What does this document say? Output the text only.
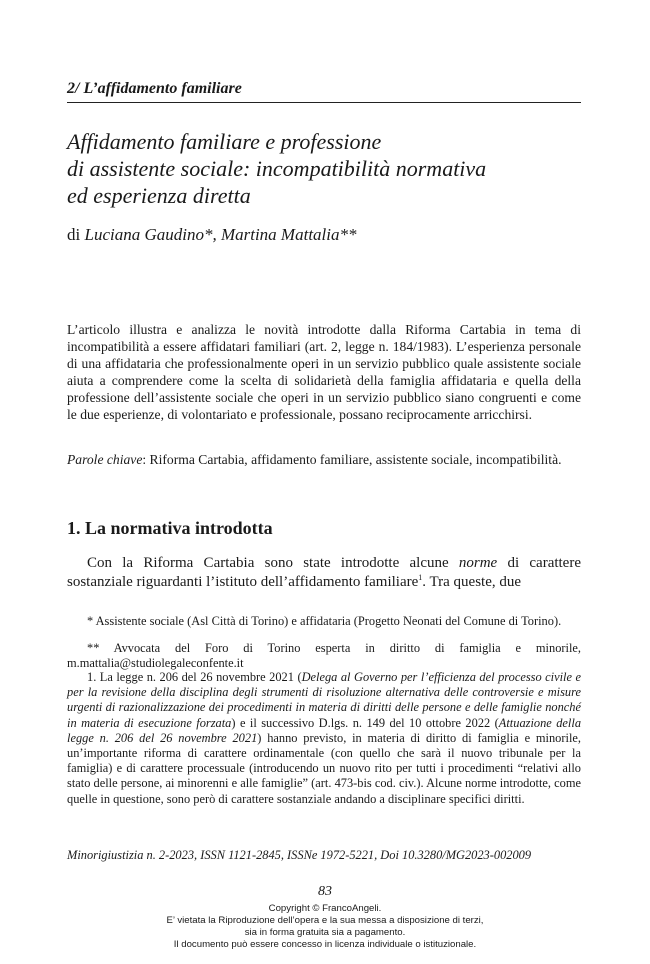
2/ L’affidamento familiare
Affidamento familiare e professione
di assistente sociale: incompatibilità normativa
ed esperienza diretta
di Luciana Gaudino*, Martina Mattalia**
L’articolo illustra e analizza le novità introdotte dalla Riforma Cartabia in tema di incompatibilità a essere affidatari familiari (art. 2, legge n. 184/1983). L’esperienza personale di una affidataria che professionalmente operi in un servizio pubblico quale assistente sociale aiuta a comprendere come la scelta di solidarietà della famiglia affidataria e quella della professione dell’assistente sociale che operi in un servizio pubblico siano congruenti e come le due esperienze, di volontariato e professionale, possano reciprocamente arricchirsi.
Parole chiave: Riforma Cartabia, affidamento familiare, assistente sociale, incompatibilità.
1. La normativa introdotta
Con la Riforma Cartabia sono state introdotte alcune norme di carattere sostanziale riguardanti l’istituto dell’affidamento familiare$^1$. Tra queste, due
* Assistente sociale (Asl Città di Torino) e affidataria (Progetto Neonati del Comune di Torino).
** Avvocata del Foro di Torino esperta in diritto di famiglia e minorile, m.mattalia@studiolegaleconfente.it
1. La legge n. 206 del 26 novembre 2021 (Delega al Governo per l’efficienza del processo civile e per la revisione della disciplina degli strumenti di risoluzione alternativa delle controversie e misure urgenti di razionalizzazione dei procedimenti in materia di diritti delle persone e delle famiglie nonché in materia di esecuzione forzata) e il successivo D.lgs. n. 149 del 10 ottobre 2022 (Attuazione della legge n. 206 del 26 novembre 2021) hanno previsto, in materia di diritto di famiglia e minorile, un’importante riforma di carattere ordinamentale (con quello che sarà il nuovo tribunale per la famiglia) e di carattere processuale (introducendo un nuovo rito per tutti i procedimenti “relativi allo stato delle persone, ai minorenni e alle famiglie” (art. 473-bis cod. civ.). Alcune norme introdotte, come quelle in questione, sono però di carattere sostanziale andando a disciplinare specifici diritti.
Minorigiustizia n. 2-2023, ISSN 1121-2845, ISSNe 1972-5221, Doi 10.3280/MG2023-002009
83
Copyright © FrancoAngeli.
E’ vietata la Riproduzione dell’opera e la sua messa a disposizione di terzi,
sia in forma gratuita sia a pagamento.
Il documento può essere concesso in licenza individuale o istituzionale.
